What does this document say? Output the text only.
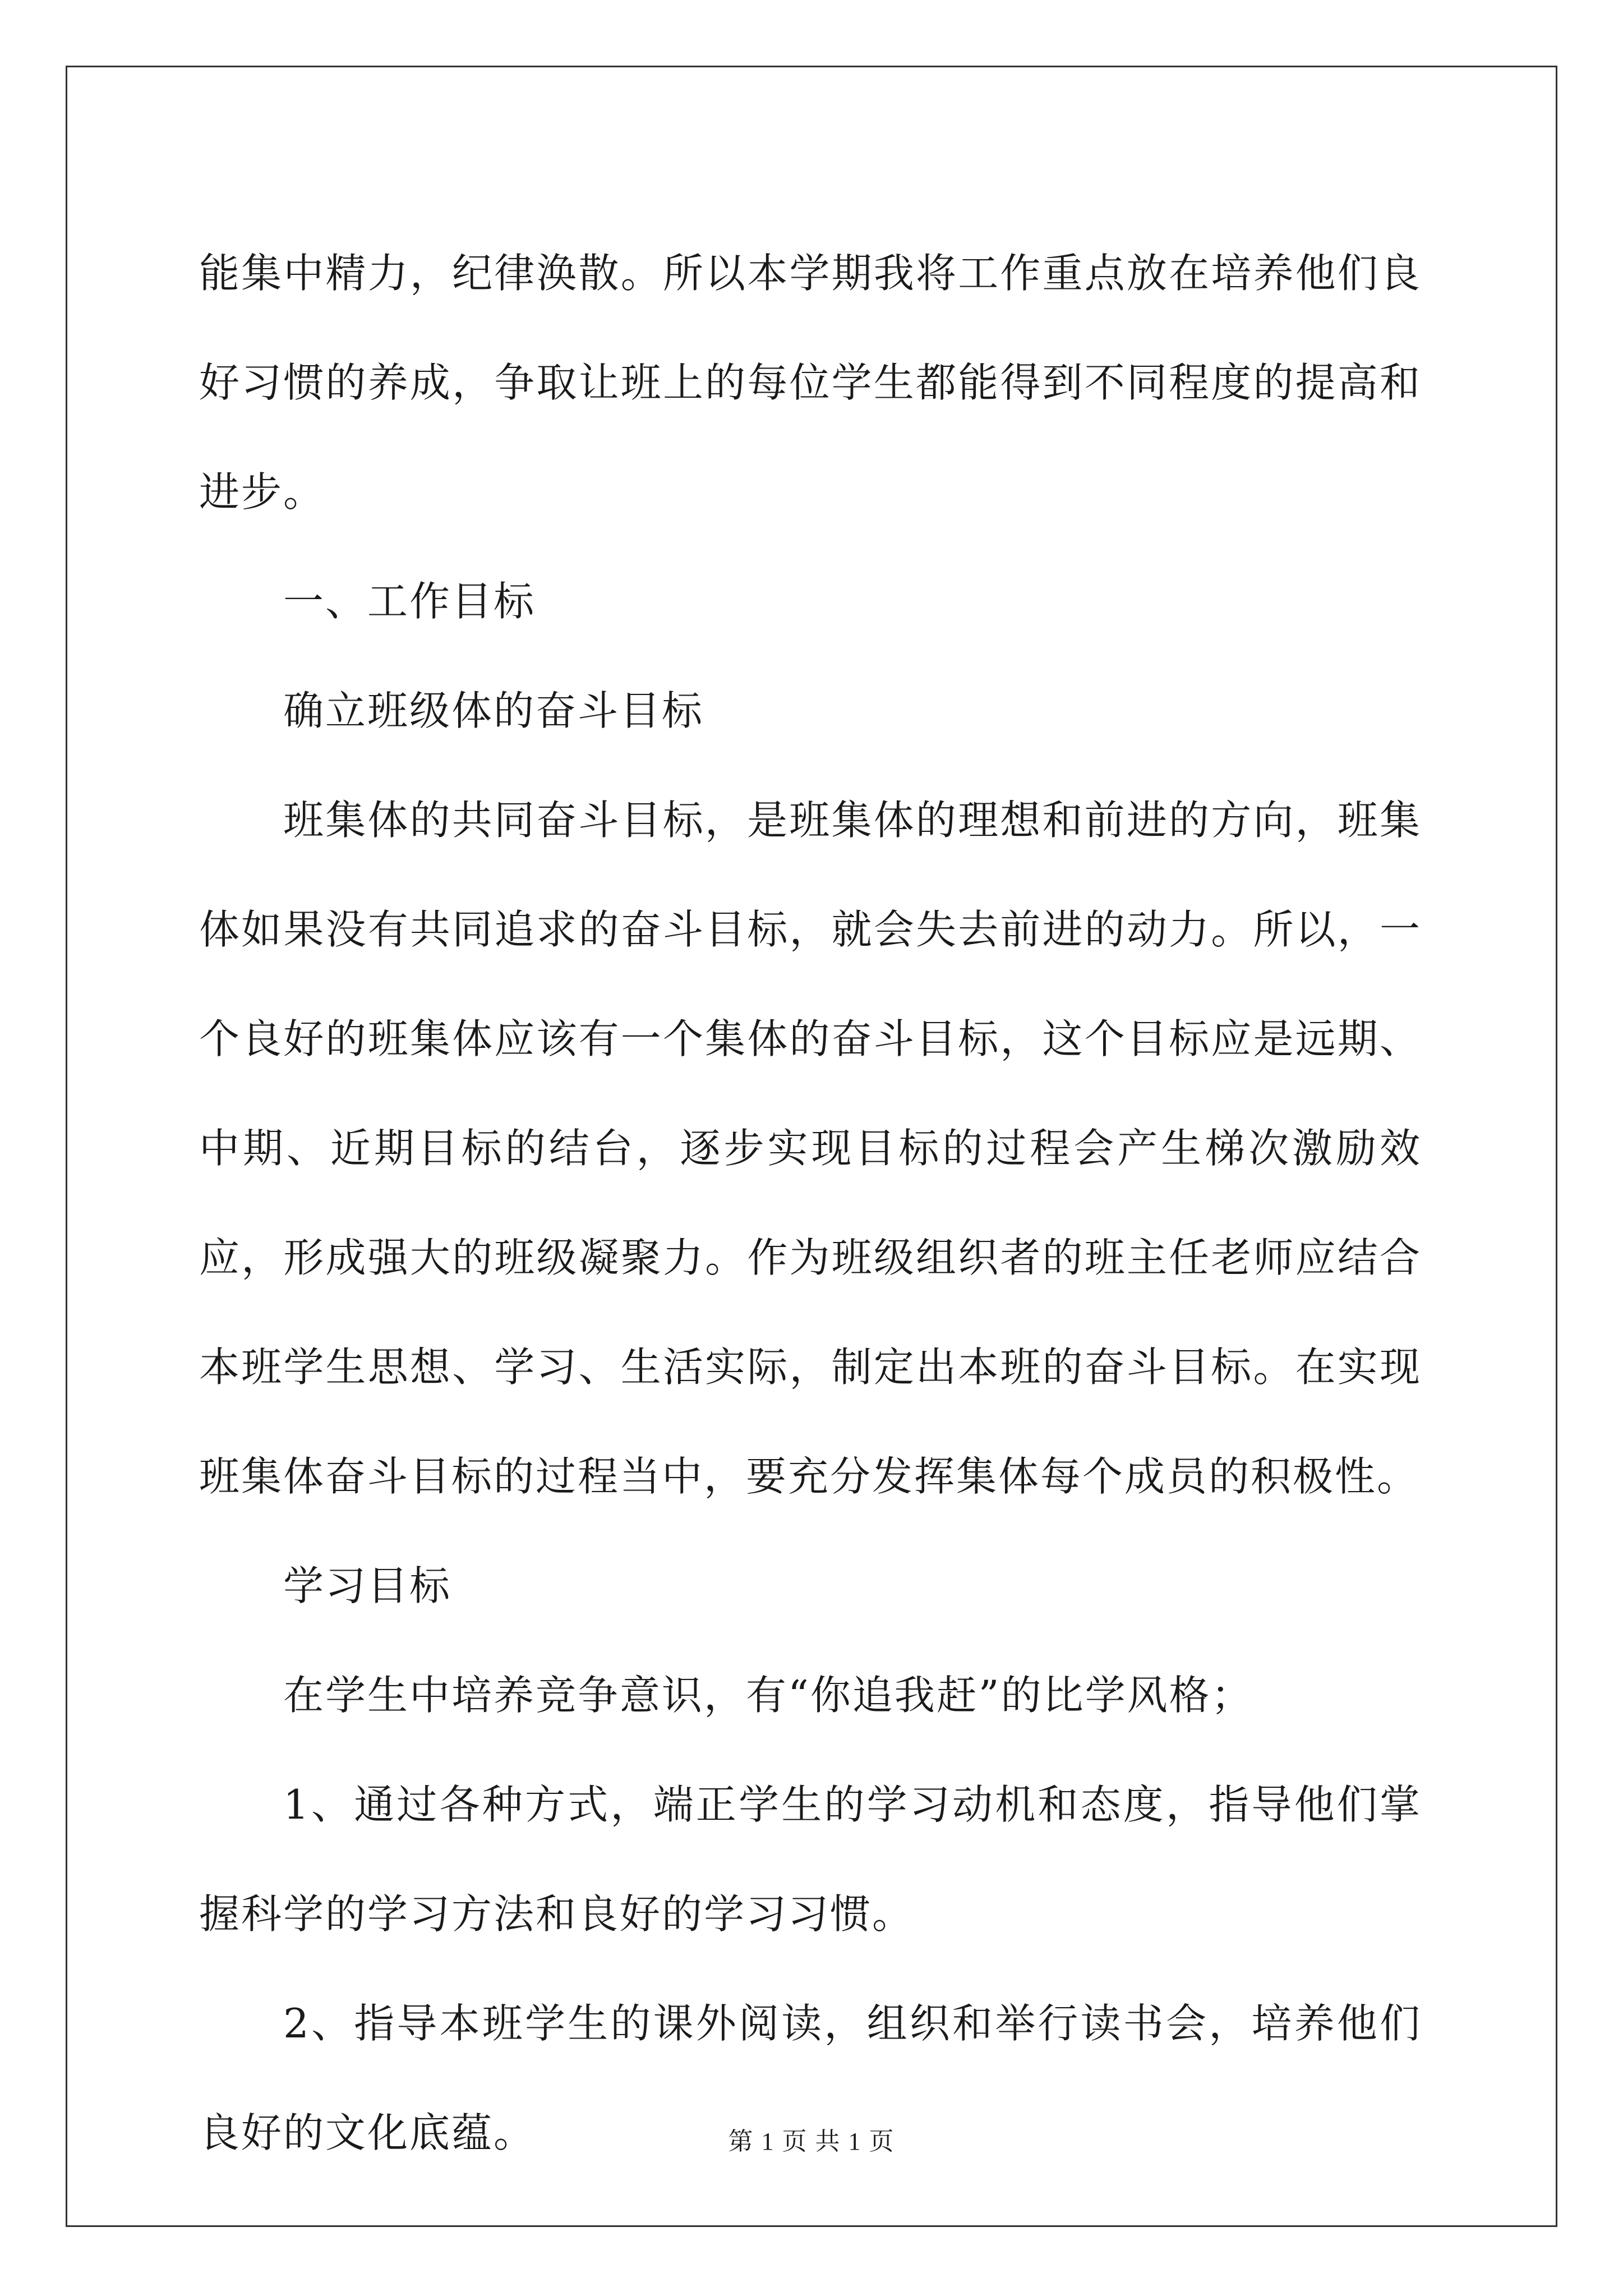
能集中精力，纪律涣散。所以本学期我将工作重点放在培养他们良好习惯的养成，争取让班上的每位学生都能得到不同程度的提高和进步。

一、工作目标

确立班级体的奋斗目标

班集体的共同奋斗目标，是班集体的理想和前进的方向，班集体如果没有共同追求的奋斗目标，就会失去前进的动力。所以，一个良好的班集体应该有一个集体的奋斗目标，这个目标应是远期、中期、近期目标的结台，逐步实现目标的过程会产生梯次激励效应，形成强大的班级凝聚力。作为班级组织者的班主任老师应结合本班学生思想、学习、生活实际，制定出本班的奋斗目标。在实现班集体奋斗目标的过程当中，要充分发挥集体每个成员的积极性。

学习目标

在学生中培养竞争意识，有“你追我赶”的比学风格；

1、通过各种方式，端正学生的学习动机和态度，指导他们掌握科学的学习方法和良好的学习习惯。

2、指导本班学生的课外阅读，组织和举行读书会，培养他们良好的文化底蕴。	第 1 页 共 1 页
